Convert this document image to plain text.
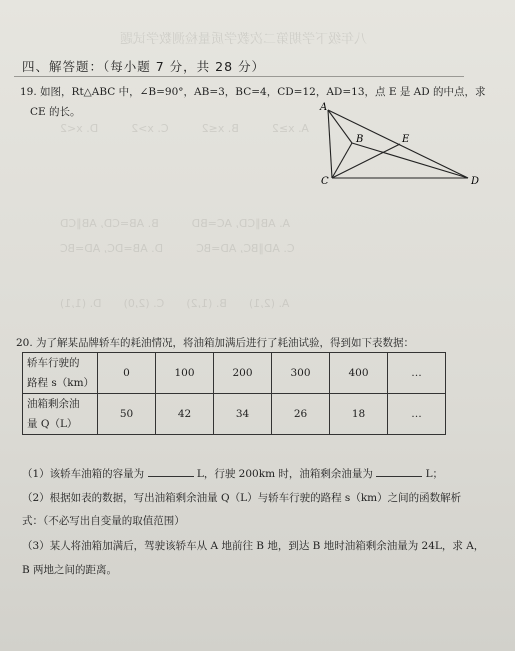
八年级下学期第二次教学质量检测数学试题
A. x≥2　　　B. x≤2　　　C. x>2　　　D. x<2
A. AB∥CD, AC=BD　　　B. AB=CD, AB∥CD
C. AD∥BC, AD=BC　　　D. AB=DC, AD=BC
A. (2,1)　　B. (1,2)　　C. (2,0)　　D. (1,1)
四、解答题：（每小题 7 分，共 28 分）
19. 如图，Rt△ABC 中，∠B=90°，AB=3，BC=4，CD=12，AD=13，点 E 是 AD 的中点，求
CE 的长。	A
B
C	D
E
20. 为了解某品牌轿车的耗油情况，将油箱加满后进行了耗油试验，得到如下表数据：
轿车行驶的
路程 s（km）	0	100	200	300	400	…

油箱剩余油
量 Q（L）	50	42	34	26	18	…
（1）该轿车油箱的容量为	L，行驶 200km 时，油箱剩余油量为	L；
（2）根据如表的数据，写出油箱剩余油量 Q（L）与轿车行驶的路程 s（km）之间的函数解析
式：（不必写出自变量的取值范围）
（3）某人将油箱加满后，驾驶该轿车从 A 地前往 B 地，到达 B 地时油箱剩余油量为 24L，求 A，
B 两地之间的距离。
